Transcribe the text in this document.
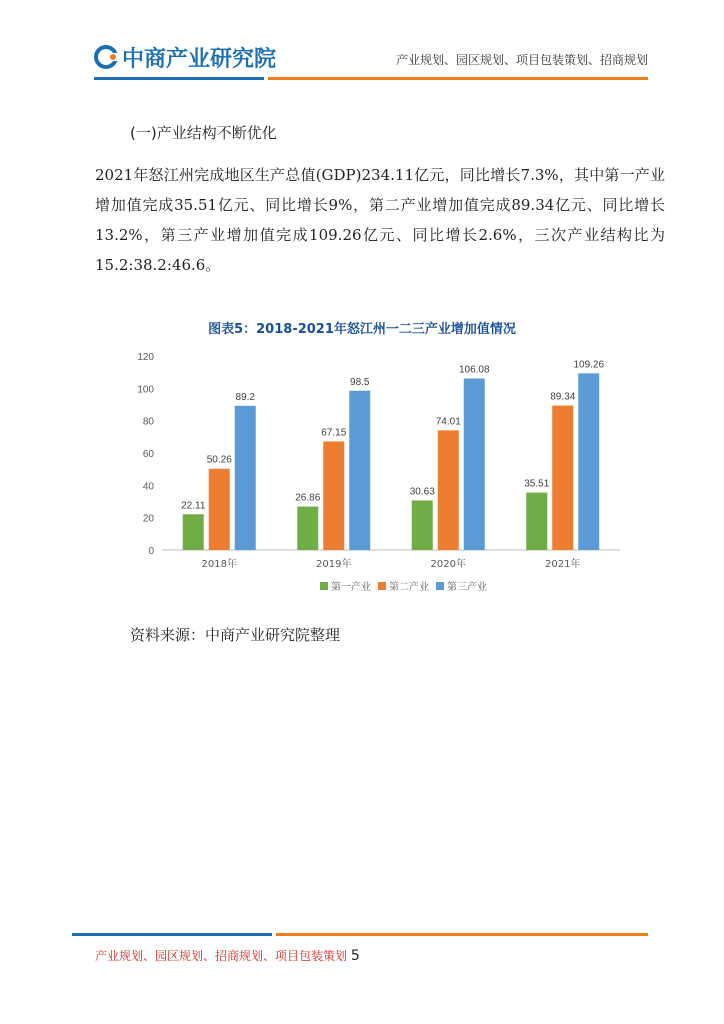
中商产业研究院	产业规划、园区规划、项目包装策划、招商规划
(一)产业结构不断优化
2021年怒江州完成地区生产总值(GDP)234.11亿元，同比增长7.3%，其中第一产业增加值完成35.51亿元、同比增长9%，第二产业增加值完成89.34亿元、同比增长13.2%，第三产业增加值完成109.26亿元、同比增长2.6%，三次产业结构比为15.2:38.2:46.6。
图表5：2018-2021年怒江州一二三产业增加值情况
0
20
40
60
80
100
120
22.11
50.26
89.2
2018年
26.86
67.15
98.5
2019年
30.63
74.01
106.08
2020年
35.51
89.34
109.26
2021年
第一产业 第二产业 第三产业
资料来源：中商产业研究院整理
产业规划、园区规划、招商规划、项目包装策划 5
